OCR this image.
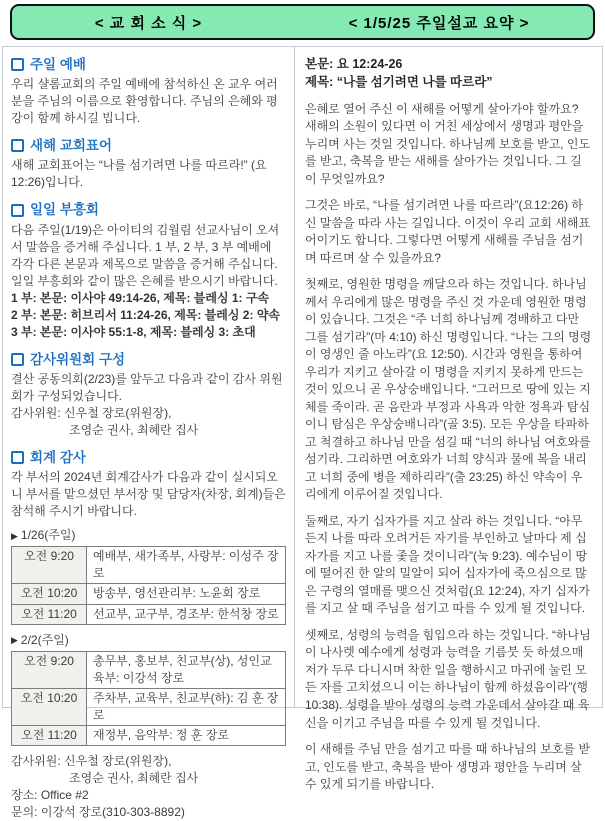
< 교 회 소 식 >	< 1/5/25 주일설교 요약 >
주일 예배

우리 샬롬교회의 주일 예배에 참석하신 온 교우 여러분을 주님의 이름으로 환영합니다. 주님의 은혜와 평강이 함께 하시길 빕니다.

새해 교회표어

새해 교회표어는 “나를 섬기려면 나를 따르라!” (요 12:26)입니다.

일일 부흥회

다음 주일(1/19)은 아이티의 김월림 선교사님이 오셔서 말씀을 증거해 주십니다. 1 부, 2 부, 3 부 예배에 각각 다른 본문과 제목으로 말씀을 증거해 주십니다. 일일 부흥회와 같이 많은 은혜를 받으시기 바랍니다.

1 부: 본문: 이사야 49:14-26, 제목: 블레싱 1: 구속
2 부: 본문: 히브리서 11:24-26, 제목: 블레싱 2: 약속
3 부: 본문: 이사야 55:1-8, 제목: 블레싱 3: 초대
감사위원회 구성

결산 공동의회(2/23)를 앞두고 다음과 같이 감사 위원회가 구성되었습니다.

감사위원: 신우철 장로(위원장),
조영순 권사, 최혜란 집사
회계 감사

각 부서의 2024년 회계감사가 다음과 같이 실시되오니 부서를 맡으셨던 부서장 및 담당자(차장, 회계)들은 참석해 주시기 바랍니다.

▶ 1/26(주일)
오전 9:20	예배부, 새가족부, 사랑부: 이성주 장로
오전 10:20	방송부, 영선관리부: 노윤회 장로
오전 11:20	선교부, 교구부, 경조부: 한석창 장로
▶ 2/2(주일)
오전 9:20	총무부, 홍보부, 친교부(상), 성인교육부: 이강석 장로
오전 10:20	주차부, 교육부, 친교부(하): 김 훈 장로
오전 11:20	재정부, 음악부: 정 훈 장로
감사위원: 신우철 장로(위원장),
조영순 권사, 최혜란 집사
장소: Office #2
문의: 이강석 장로(310-303-8892)
본문: 요 12:24-26
제목: “나를 섬기려면 나를 따르라”

은혜로 열어 주신 이 새해를 어떻게 살아가야 할까요? 새해의 소원이 있다면 이 거친 세상에서 생명과 평안을 누리며 사는 것일 것입니다. 하나님께 보호를 받고, 인도를 받고, 축복을 받는 새해를 살아가는 것입니다. 그 길이 무엇일까요?

그것은 바로, “나를 섬기려면 나를 따르라”(요12:26) 하신 말씀을 따라 사는 길입니다. 이것이 우리 교회 새해표어이기도 합니다. 그렇다면 어떻게 새해를 주님을 섬기며 따르며 살 수 있을까요?

첫째로, 영원한 명령을 깨달으라 하는 것입니다. 하나님께서 우리에게 많은 명령을 주신 것 가운데 영원한 명령이 있습니다. 그것은 “주 너희 하나님께 경배하고 다만 그를 섬기라”(마 4:10) 하신 명령입니다. “나는 그의 명령이 영생인 줄 아노라”(요 12:50). 시간과 영원을 통하여 우리가 지키고 살아갈 이 명령을 지키지 못하게 만드는 것이 있으니 곧 우상숭배입니다. “그러므로 땅에 있는 지체를 죽이라. 곧 음란과 부정과 사욕과 악한 정욕과 탐심이니 탐심은 우상숭배니라”(골 3:5). 모든 우상을 타파하고 척결하고 하나님 만을 섬길 때 “너의 하나님 여호와를 섬기라. 그리하면 여호와가 너희 양식과 물에 복을 내리고 너희 중에 병을 제하리라”(출 23:25) 하신 약속이 우리에게 이루어질 것입니다.

둘째로, 자기 십자가를 지고 살라 하는 것입니다. “아무든지 나를 따라 오려거든 자기를 부인하고 날마다 제 십자가를 지고 나를 좇을 것이니라”(눅 9:23). 예수님이 땅에 떨어진 한 알의 밀알이 되어 십자가에 죽으심으로 많은 구령의 열매를 맺으신 것처럼(요 12:24), 자기 십자가를 지고 살 때 주님을 섬기고 따를 수 있게 될 것입니다.

셋째로, 성령의 능력을 힘입으라 하는 것입니다. “하나님이 나사렛 예수에게 성령과 능력을 기름붓 듯 하셨으매 저가 두루 다니시며 착한 일을 행하시고 마귀에 눌린 모든 자를 고치셨으니 이는 하나님이 함께 하셨음이라”(행 10:38). 성령을 받아 성령의 능력 가운데서 살아갈 때 육신을 이기고 주님을 따를 수 있게 될 것입니다.

이 새해를 주님 만을 섬기고 따를 때 하나님의 보호를 받고, 인도를 받고, 축복을 받아 생명과 평안을 누리며 살 수 있게 되기를 바랍니다.
